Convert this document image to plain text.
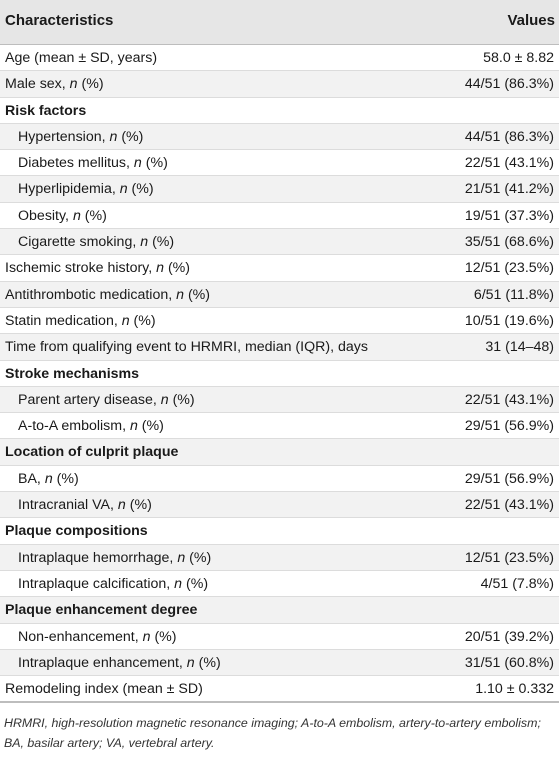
Characteristics	Values
Age (mean ± SD, years)	58.0 ± 8.82
Male sex, n (%)	44/51 (86.3%)
Risk factors
Hypertension, n (%)	44/51 (86.3%)
Diabetes mellitus, n (%)	22/51 (43.1%)
Hyperlipidemia, n (%)	21/51 (41.2%)
Obesity, n (%)	19/51 (37.3%)
Cigarette smoking, n (%)	35/51 (68.6%)
Ischemic stroke history, n (%)	12/51 (23.5%)
Antithrombotic medication, n (%)	6/51 (11.8%)
Statin medication, n (%)	10/51 (19.6%)
Time from qualifying event to HRMRI, median (IQR), days	31 (14–48)
Stroke mechanisms
Parent artery disease, n (%)	22/51 (43.1%)
A-to-A embolism, n (%)	29/51 (56.9%)
Location of culprit plaque
BA, n (%)	29/51 (56.9%)
Intracranial VA, n (%)	22/51 (43.1%)
Plaque compositions
Intraplaque hemorrhage, n (%)	12/51 (23.5%)
Intraplaque calcification, n (%)	4/51 (7.8%)
Plaque enhancement degree
Non-enhancement, n (%)	20/51 (39.2%)
Intraplaque enhancement, n (%)	31/51 (60.8%)
Remodeling index (mean ± SD)	1.10 ± 0.332
HRMRI, high-resolution magnetic resonance imaging; A-to-A embolism, artery-to-artery embolism; BA, basilar artery; VA, vertebral artery.
